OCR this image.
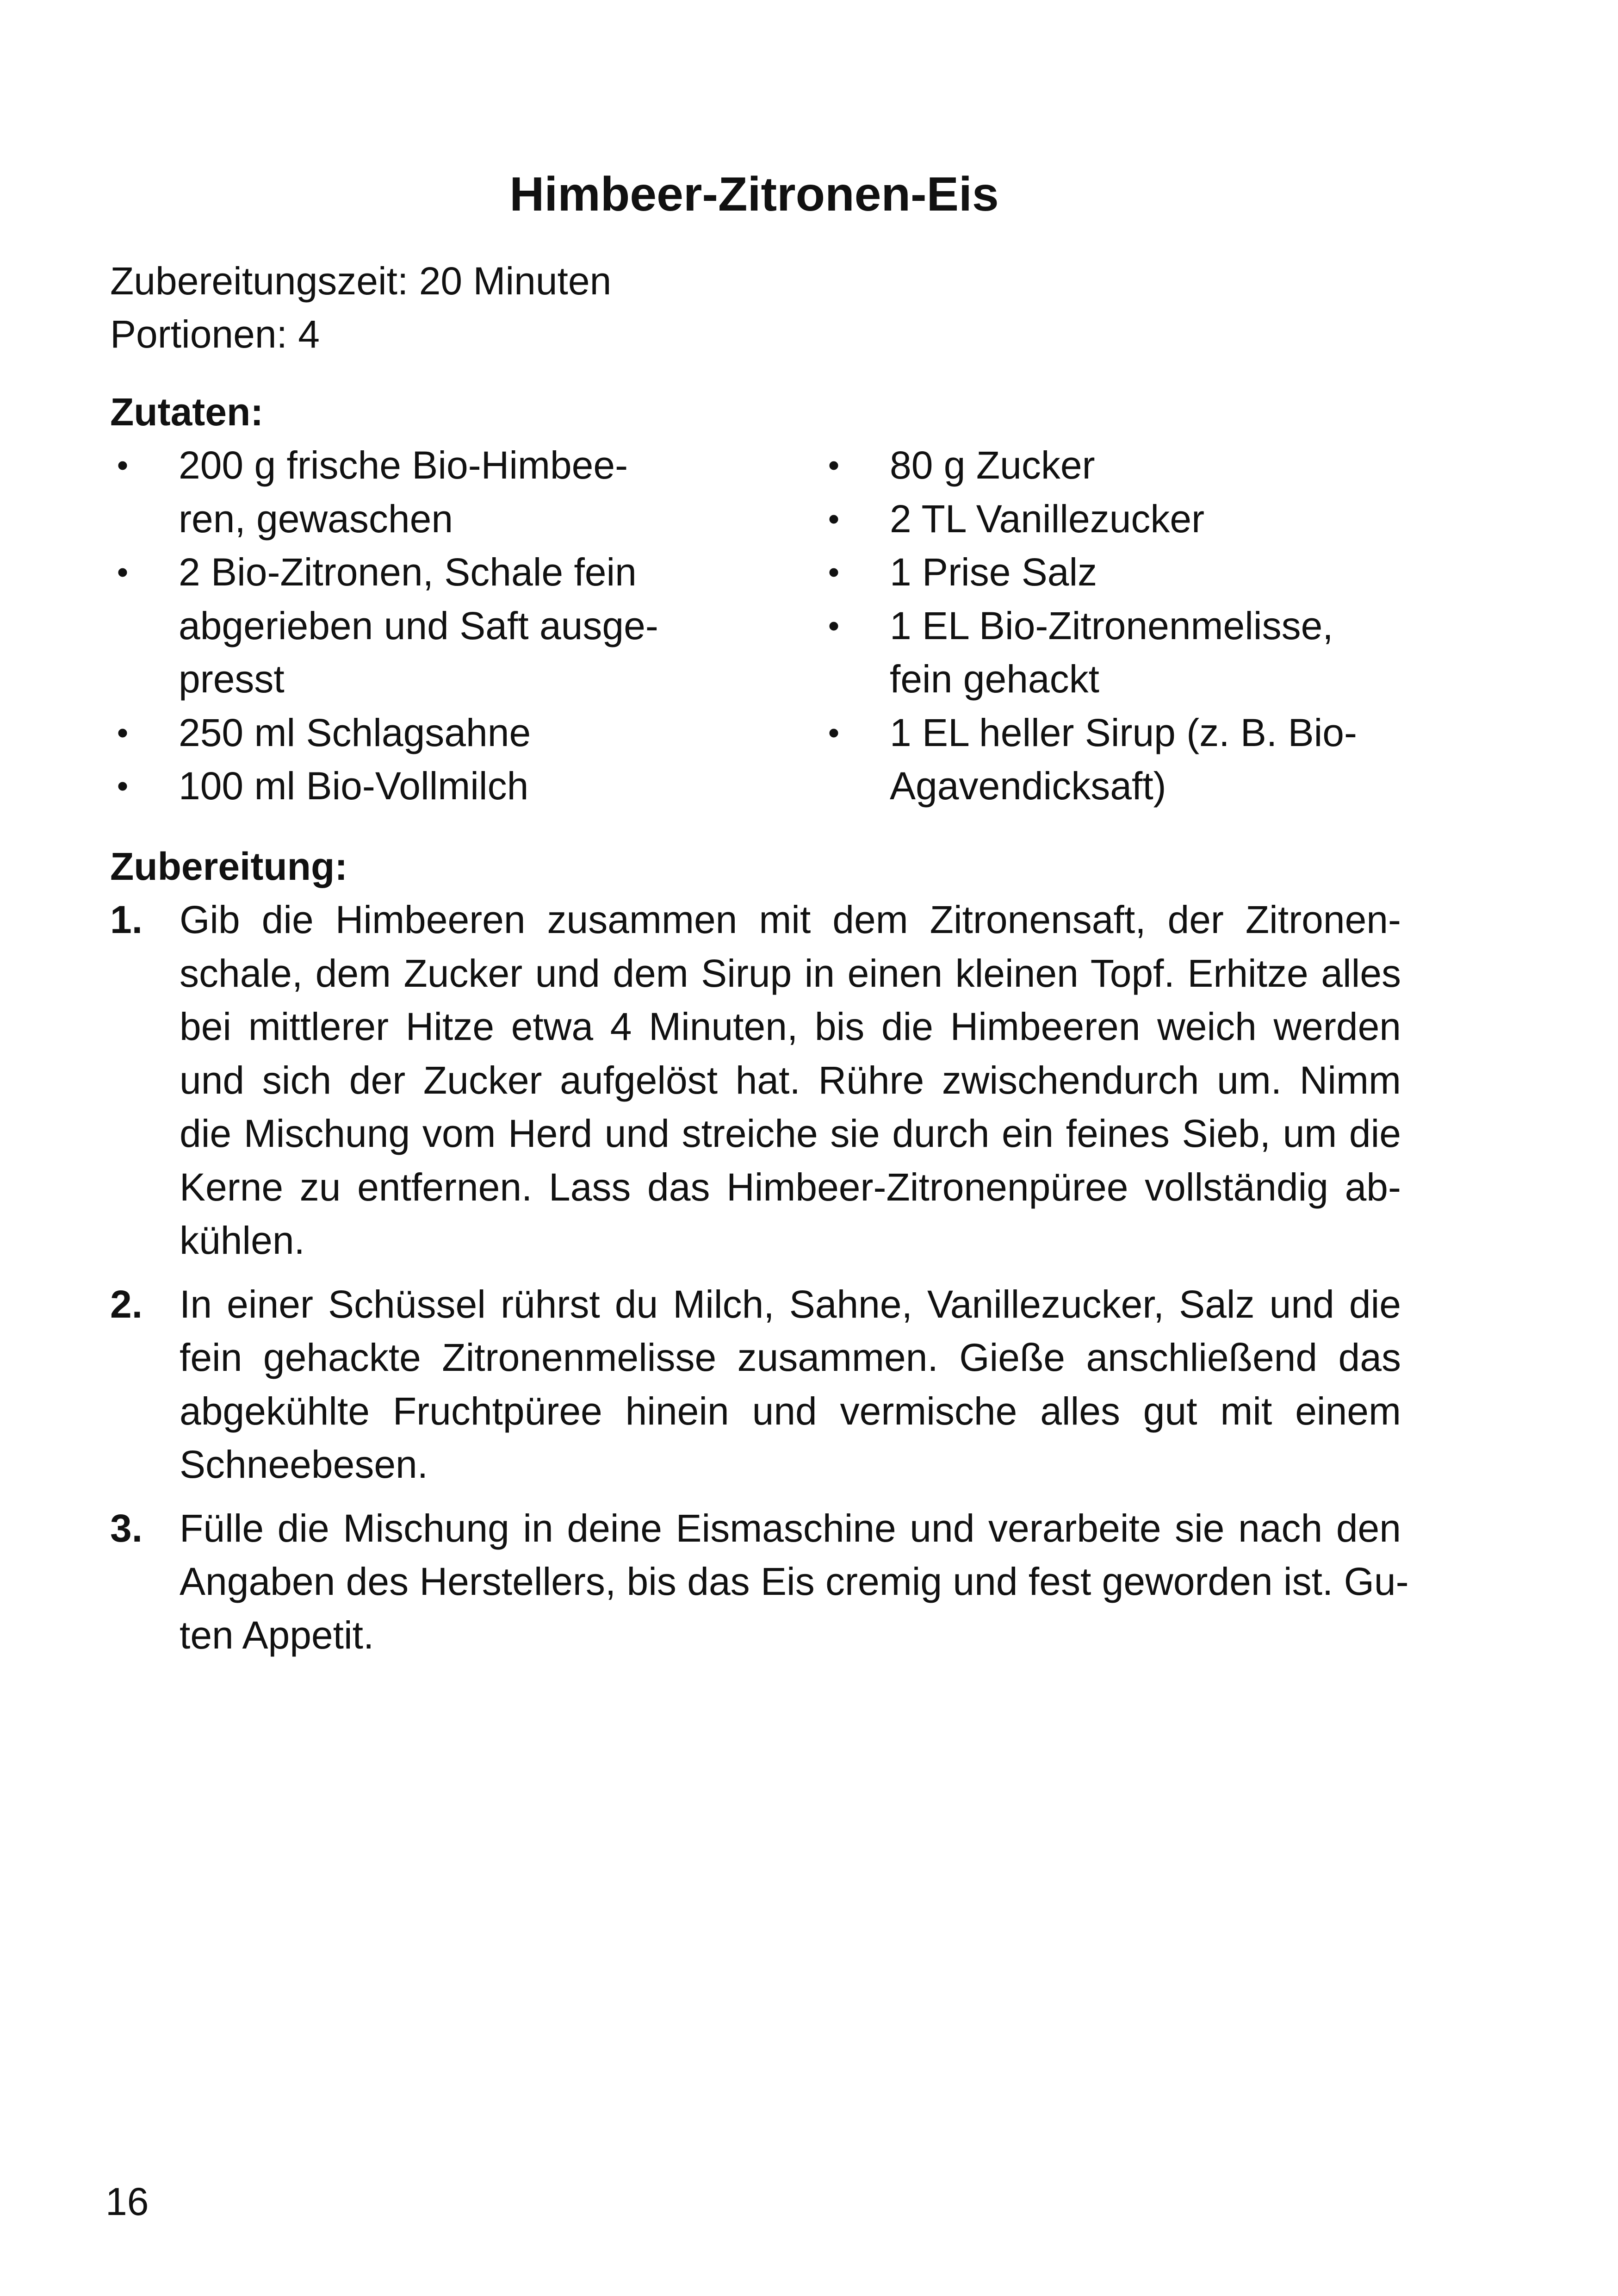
Himbeer-Zitronen-Eis
Zubereitungszeit: 20 Minuten
Portionen: 4
Zutaten:
• 200 g frische Bio-Himbee-
ren, gewaschen
• 2 Bio-Zitronen, Schale fein
abgerieben und Saft ausge-
presst
• 250 ml Schlagsahne
• 100 ml Bio-Vollmilch
• 80 g Zucker
• 2 TL Vanillezucker
• 1 Prise Salz
• 1 EL Bio-Zitronenmelisse,
fein gehackt
• 1 EL heller Sirup (z. B. Bio-
Agavendicksaft)
Zubereitung:
1. Gib die Himbeeren zusammen mit dem Zitronensaft, der Zitronen-
schale, dem Zucker und dem Sirup in einen kleinen Topf. Erhitze alles
bei mittlerer Hitze etwa 4 Minuten, bis die Himbeeren weich werden
und sich der Zucker aufgelöst hat. Rühre zwischendurch um. Nimm
die Mischung vom Herd und streiche sie durch ein feines Sieb, um die
Kerne zu entfernen. Lass das Himbeer-Zitronenpüree vollständig ab-
kühlen.
2. In einer Schüssel rührst du Milch, Sahne, Vanillezucker, Salz und die
fein gehackte Zitronenmelisse zusammen. Gieße anschließend das
abgekühlte Fruchtpüree hinein und vermische alles gut mit einem
Schneebesen.
3. Fülle die Mischung in deine Eismaschine und verarbeite sie nach den
Angaben des Herstellers, bis das Eis cremig und fest geworden ist. Gu-
ten Appetit.
16
